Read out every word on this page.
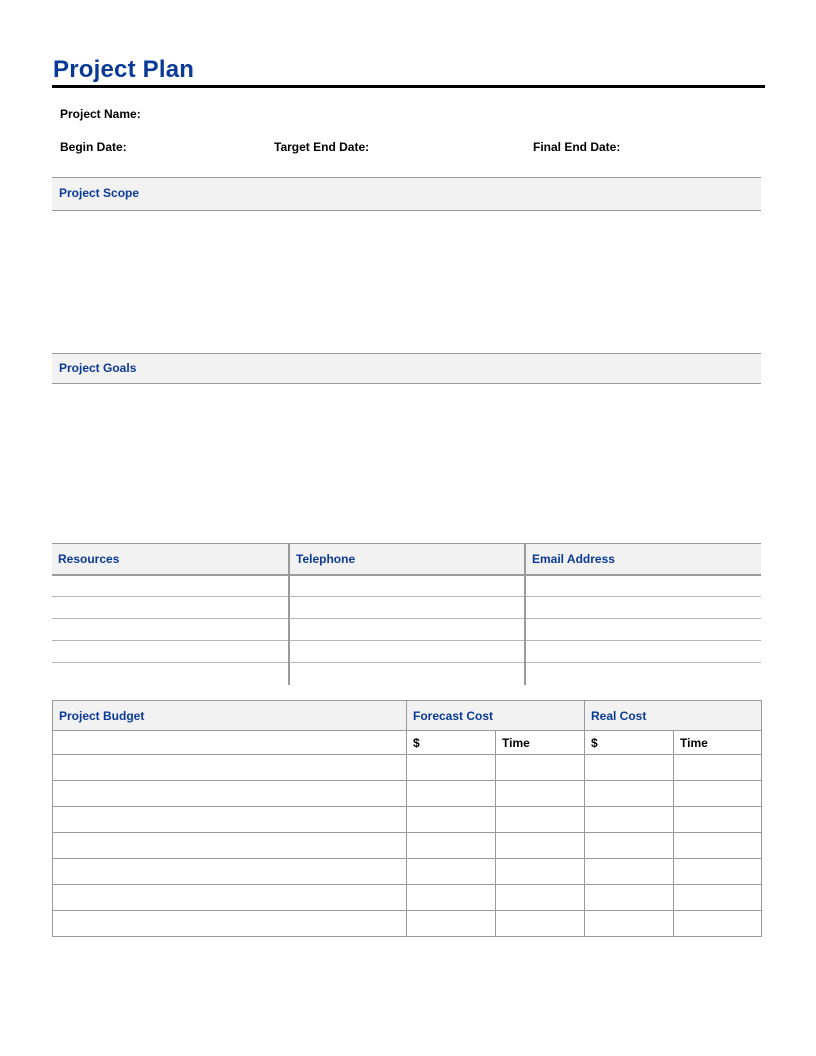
Project Plan
Project Name:
Begin Date:	Target End Date:	Final End Date:
Project Scope
Project Goals
Resources	Telephone	Email Address

Project Budget	Forecast Cost		Real Cost	
	$	Time	$	Time
